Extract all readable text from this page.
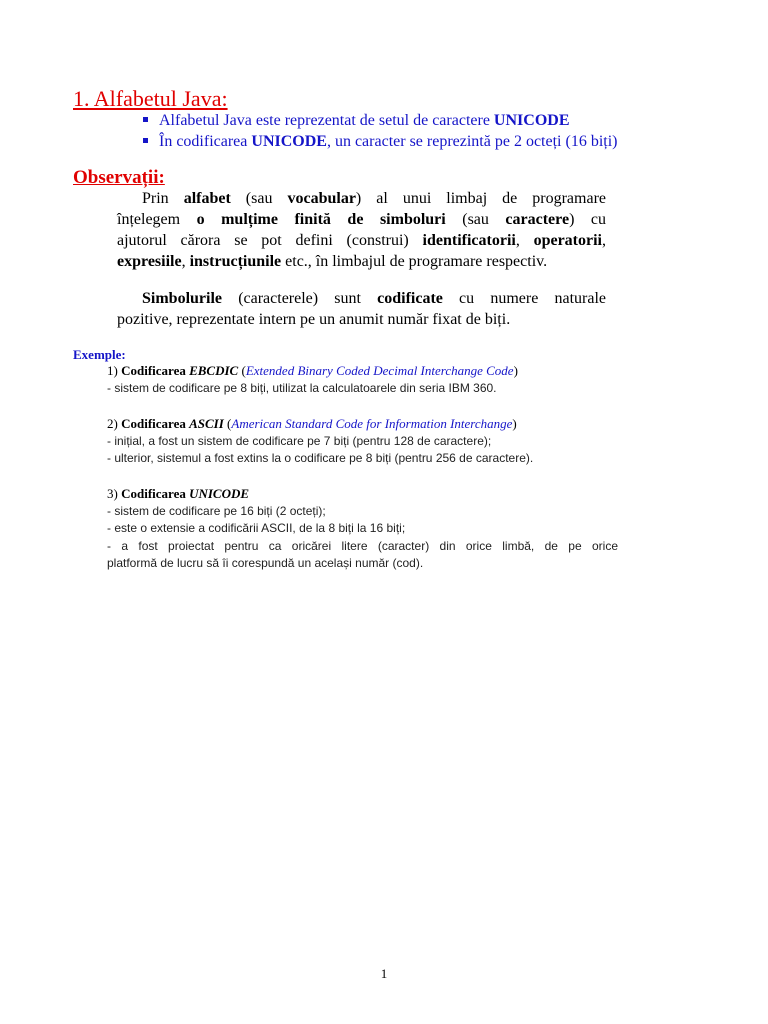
1. Alfabetul Java:
Alfabetul Java este reprezentat de setul de caractere UNICODE
În codificarea UNICODE, un caracter se reprezintă pe 2 octeți (16 biți)
Observații:
Prin alfabet (sau vocabular) al unui limbaj de programare
înțelegem o mulțime finită de simboluri (sau caractere) cu
ajutorul cărora se pot defini (construi) identificatorii, operatorii,
expresiile, instrucțiunile etc., în limbajul de programare respectiv.
Simbolurile (caracterele) sunt codificate cu numere naturale
pozitive, reprezentate intern pe un anumit număr fixat de biți.
Exemple:
1) Codificarea EBCDIC (Extended Binary Coded Decimal Interchange Code)
- sistem de codificare pe 8 biți, utilizat la calculatoarele din seria IBM 360.
2) Codificarea ASCII (American Standard Code for Information Interchange)
- inițial, a fost un sistem de codificare pe 7 biți (pentru 128 de caractere);
- ulterior, sistemul a fost extins la o codificare pe 8 biți (pentru 256 de caractere).
3) Codificarea UNICODE
- sistem de codificare pe 16 biți (2 octeți);
- este o extensie a codificării ASCII, de la 8 biți la 16 biți;
- a fost proiectat pentru ca oricărei litere (caracter) din orice limbă, de pe orice
platformă de lucru să îi corespundă un același număr (cod).
1
